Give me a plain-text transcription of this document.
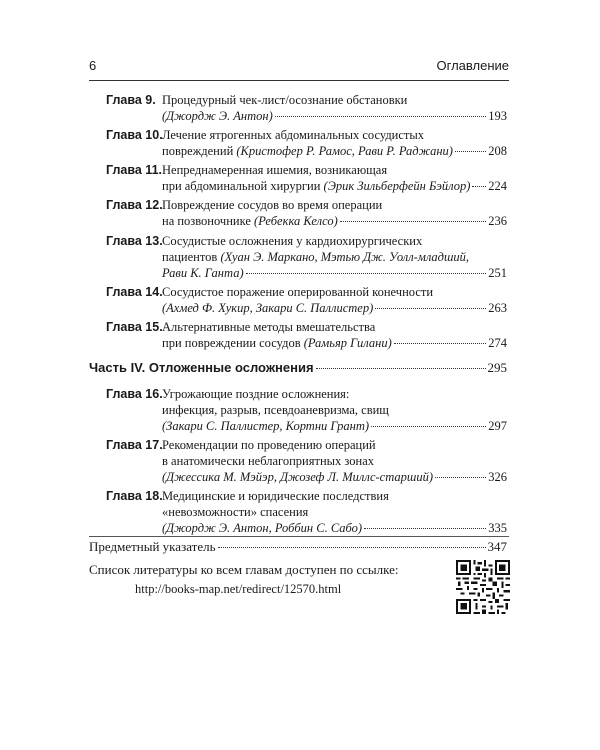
6	Оглавление
Глава 9. Процедурный чек-лист/осознание обстановки
(Джордж Э. Антон)	193
Глава 10. Лечение ятрогенных абдоминальных сосудистых
повреждений
(Кристофер Р. Рамос, Рави Р. Раджани)	208
Глава 11. Непреднамеренная ишемия, возникающая
при абдоминальной хирургии
(Эрик Зильберфейн Бэйлор) 224
Глава 12. Повреждение сосудов во время операции
на позвоночнике
(Ребекка Келсо)	236
Глава 13. Сосудистые осложнения у кардиохирургических
пациентов
(Хуан Э. Маркано, Мэтью Дж. Уолл-младший,
Рави К. Ганта)	251
Глава 14. Сосудистое поражение оперированной конечности
(Ахмед Ф. Хукир, Закари С. Паллистер)	263
Глава 15. Альтернативные методы вмешательства
при повреждении сосудов
(Рамьяр Гилани)	274
Часть IV. Отложенные осложнения	295
Глава 16. Угрожающие поздние осложнения:
инфекция, разрыв, псевдоаневризма, свищ
(Закари С. Паллистер, Кортни Грант)	297
Глава 17. Рекомендации по проведению операций
в анатомически неблагоприятных зонах
(Джессика М. Мэйэр, Джозеф Л. Миллс-старший)	326
Глава 18. Медицинские и юридические последствия
«невозможности» спасения
(Джордж Э. Антон, Роббин С. Сабо)	335
Предметный указатель	347
Список литературы ко всем главам доступен по ссылке:
http://books-map.net/redirect/12570.html
